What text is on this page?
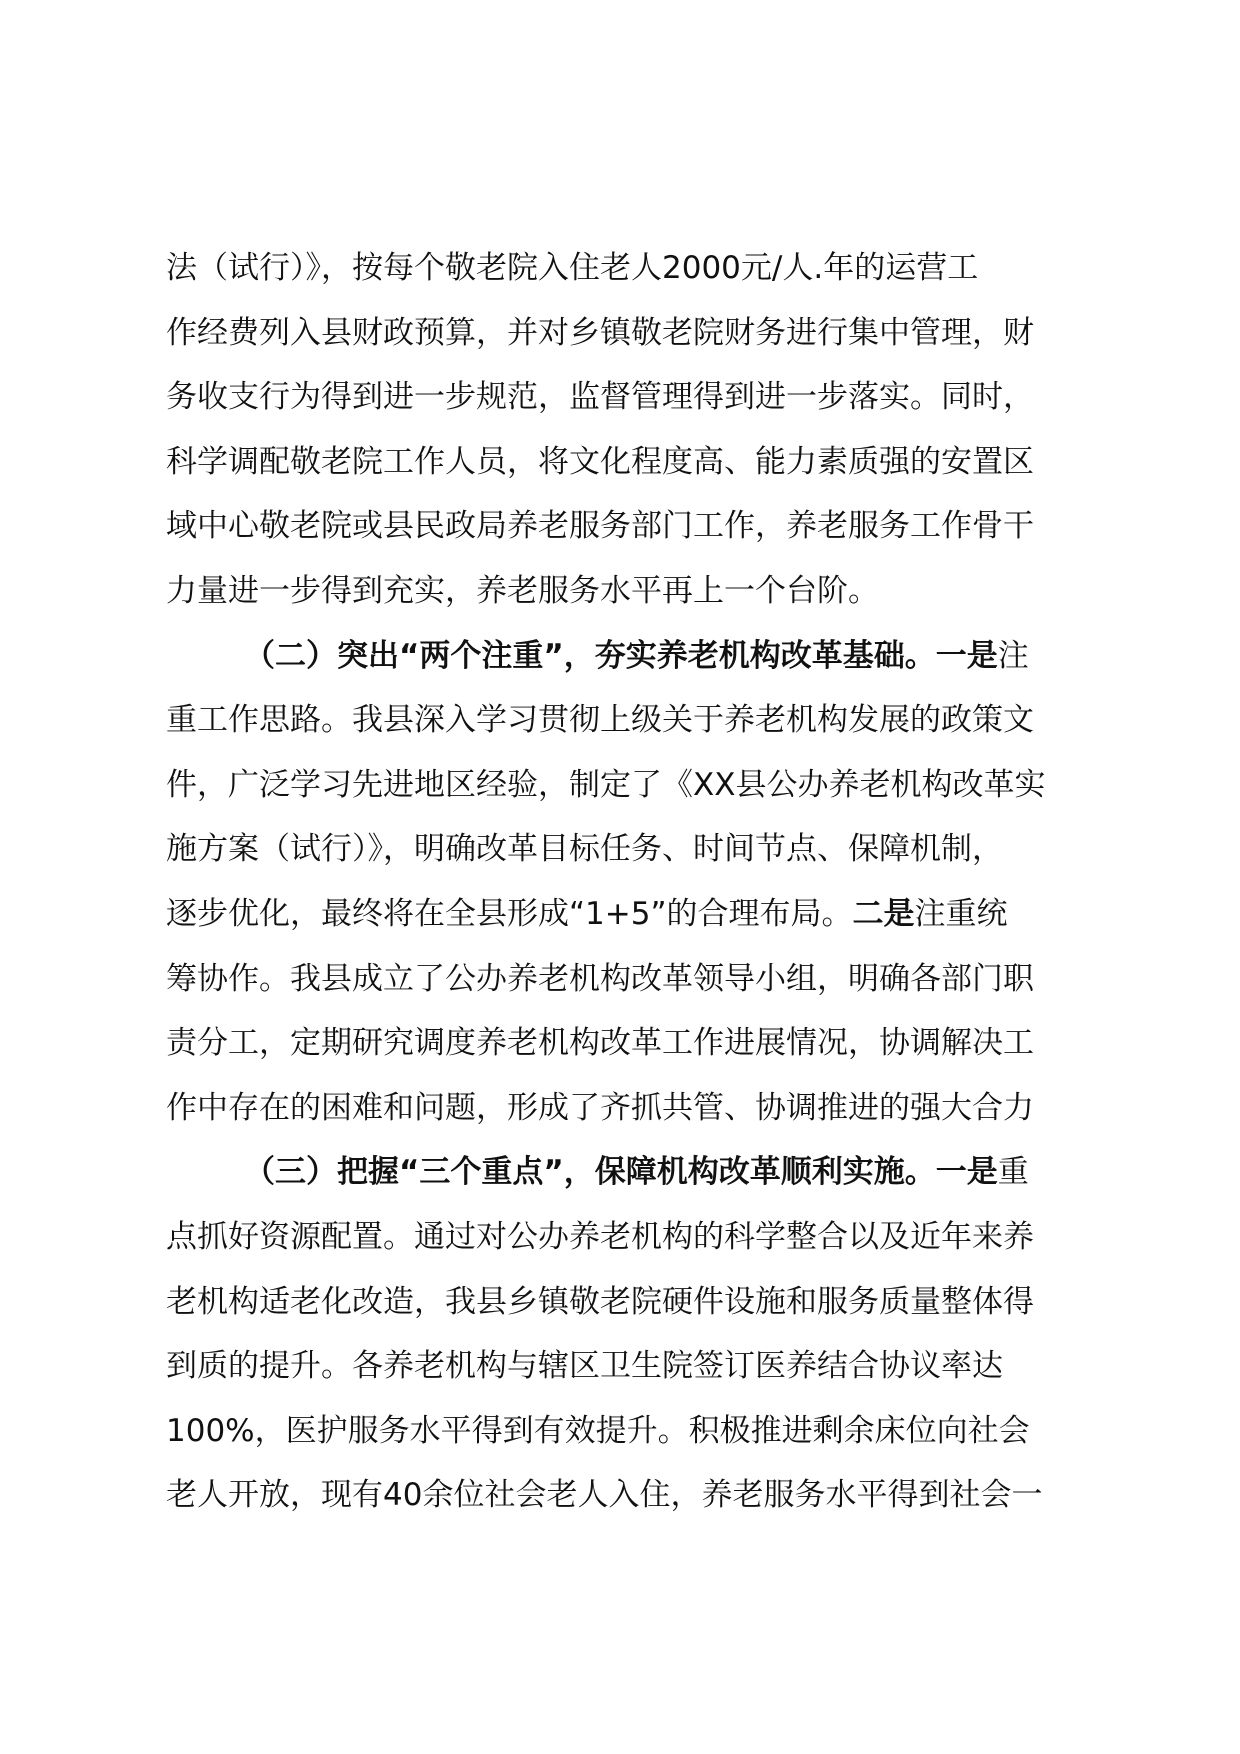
法（试行）》，按每个敬老院入住老人2000元/人.年的运营工
作经费列入县财政预算，并对乡镇敬老院财务进行集中管理，财
务收支行为得到进一步规范，监督管理得到进一步落实。同时，
科学调配敬老院工作人员，将文化程度高、能力素质强的安置区
域中心敬老院或县民政局养老服务部门工作，养老服务工作骨干
力量进一步得到充实，养老服务水平再上一个台阶。
（二）突出“两个注重”，夯实养老机构改革基础。一是注
重工作思路。我县深入学习贯彻上级关于养老机构发展的政策文
件，广泛学习先进地区经验，制定了《XX县公办养老机构改革实
施方案（试行）》，明确改革目标任务、时间节点、保障机制，
逐步优化，最终将在全县形成“1+5”的合理布局。二是注重统
筹协作。我县成立了公办养老机构改革领导小组，明确各部门职
责分工，定期研究调度养老机构改革工作进展情况，协调解决工
作中存在的困难和问题，形成了齐抓共管、协调推进的强大合力
（三）把握“三个重点”，保障机构改革顺利实施。一是重
点抓好资源配置。通过对公办养老机构的科学整合以及近年来养
老机构适老化改造，我县乡镇敬老院硬件设施和服务质量整体得
到质的提升。各养老机构与辖区卫生院签订医养结合协议率达
100%，医护服务水平得到有效提升。积极推进剩余床位向社会
老人开放，现有40余位社会老人入住，养老服务水平得到社会一
